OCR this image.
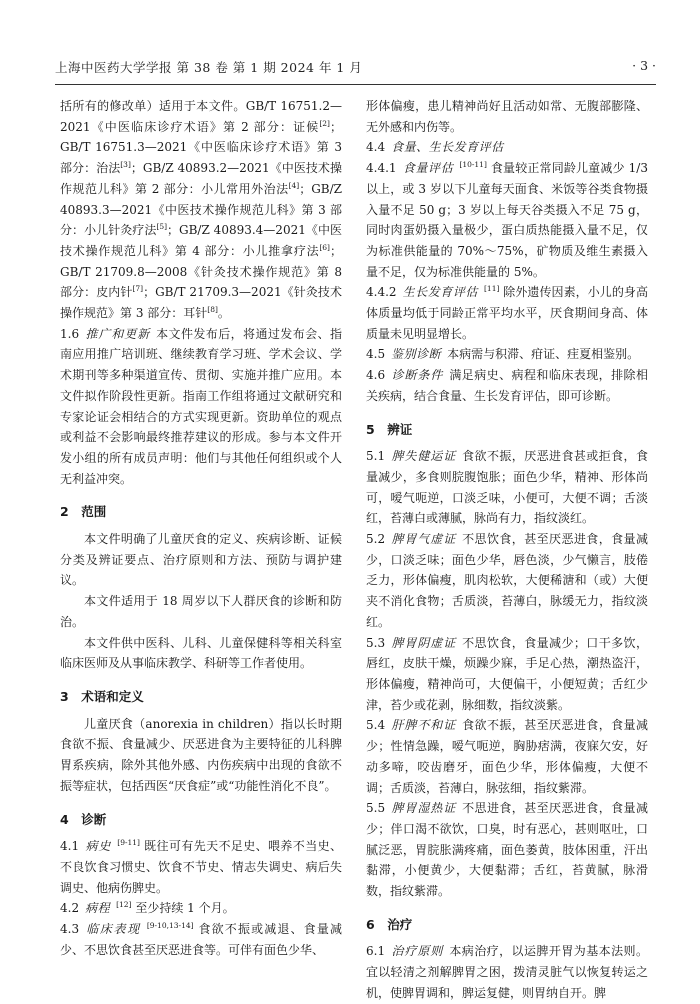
上海中医药大学学报 第 38 卷 第 1 期 2024 年 1 月	· 3 ·

括所有的修改单）适用于本文件。GB/T 16751.2—2021《中医临床诊疗术语》第 2 部分：证候[2]；GB/T 16751.3—2021《中医临床诊疗术语》第 3 部分：治法[3]；GB/Z 40893.2—2021《中医技术操作规范儿科》第 2 部分：小儿常用外治法[4]；GB/Z 40893.3—2021《中医技术操作规范儿科》第 3 部分：小儿针灸疗法[5]；GB/Z 40893.4—2021《中医技术操作规范儿科》第 4 部分：小儿推拿疗法[6]；GB/T 21709.8—2008《针灸技术操作规范》第 8 部分：皮内针[7]；GB/T 21709.3—2021《针灸技术操作规范》第 3 部分：耳针[8]。

1.6 推广和更新 本文件发布后，将通过发布会、指南应用推广培训班、继续教育学习班、学术会议、学术期刊等多种渠道宣传、贯彻、实施并推广应用。本文件拟作阶段性更新。指南工作组将通过文献研究和专家论证会相结合的方式实现更新。资助单位的观点或利益不会影响最终推荐建议的形成。参与本文件开发小组的所有成员声明：他们与其他任何组织或个人无利益冲突。

2　范围

本文件明确了儿童厌食的定义、疾病诊断、证候分类及辨证要点、治疗原则和方法、预防与调护建议。

本文件适用于 18 周岁以下人群厌食的诊断和防治。

本文件供中医科、儿科、儿童保健科等相关科室临床医师及从事临床教学、科研等工作者使用。

3　术语和定义

儿童厌食（anorexia in children）指以长时期食欲不振、食量减少、厌恶进食为主要特征的儿科脾胃系疾病，除外其他外感、内伤疾病中出现的食欲不振等症状，包括西医“厌食症”或“功能性消化不良”。

4　诊断

4.1 病史 [9-11] 既往可有先天不足史、喂养不当史、不良饮食习惯史、饮食不节史、情志失调史、病后失调史、他病伤脾史。

4.2 病程 [12] 至少持续 1 个月。

4.3 临床表现 [9-10,13-14] 食欲不振或减退、食量减少、不思饮食甚至厌恶进食等。可伴有面色少华、

形体偏瘦，患儿精神尚好且活动如常、无腹部膨隆、无外感和内伤等。

4.4 食量、生长发育评估

4.4.1 食量评估 [10-11] 食量较正常同龄儿童减少 1/3 以上，或 3 岁以下儿童每天面食、米饭等谷类食物摄入量不足 50 g；3 岁以上每天谷类摄入不足 75 g，同时肉蛋奶摄入量极少，蛋白质热能摄入量不足，仅为标准供能量的 70%～75%，矿物质及维生素摄入量不足，仅为标准供能量的 5%。

4.4.2 生长发育评估 [11] 除外遗传因素，小儿的身高体质量均低于同龄正常平均水平，厌食期间身高、体质量未见明显增长。

4.5 鉴别诊断 本病需与积滞、疳证、疰夏相鉴别。

4.6 诊断条件 满足病史、病程和临床表现，排除相关疾病，结合食量、生长发育评估，即可诊断。

5　辨证

5.1 脾失健运证 食欲不振，厌恶进食甚或拒食，食量减少，多食则脘腹饱胀；面色少华，精神、形体尚可，嗳气呃逆，口淡乏味，小便可，大便不调；舌淡红，苔薄白或薄腻，脉尚有力，指纹淡红。

5.2 脾胃气虚证 不思饮食，甚至厌恶进食，食量减少，口淡乏味；面色少华，唇色淡，少气懒言，肢倦乏力，形体偏瘦，肌肉松软，大便稀溏和（或）大便夹不消化食物；舌质淡，苔薄白，脉缓无力，指纹淡红。

5.3 脾胃阴虚证 不思饮食，食量减少；口干多饮，唇红，皮肤干燥，烦躁少寐，手足心热，潮热盗汗，形体偏瘦，精神尚可，大便偏干，小便短黄；舌红少津，苔少或花剥，脉细数，指纹淡紫。

5.4 肝脾不和证 食欲不振，甚至厌恶进食，食量减少；性情急躁，嗳气呃逆，胸胁痞满，夜寐欠安，好动多啼，咬齿磨牙，面色少华，形体偏瘦，大便不调；舌质淡，苔薄白，脉弦细，指纹紫滞。

5.5 脾胃湿热证 不思进食，甚至厌恶进食，食量减少；伴口渴不欲饮，口臭，时有恶心，甚则呕吐，口腻泛恶，胃脘胀满疼痛，面色萎黄，肢体困重，汗出黏滞，小便黄少，大便黏滞；舌红，苔黄腻，脉滑数，指纹紫滞。

6　治疗

6.1 治疗原则 本病治疗，以运脾开胃为基本法则。宜以轻清之剂解脾胃之困，拨清灵脏气以恢复转运之机，使脾胃调和，脾运复健，则胃纳自开。脾
